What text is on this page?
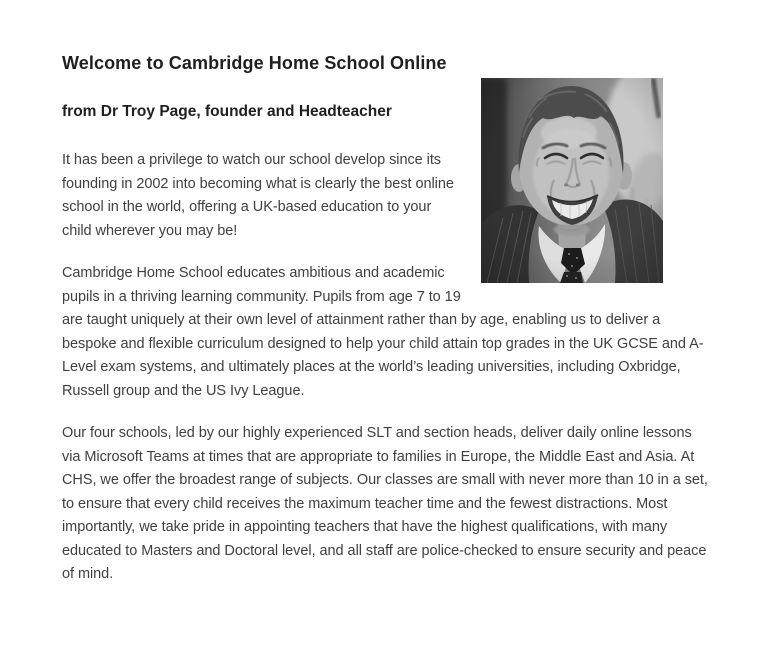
Welcome to Cambridge Home School Online
from Dr Troy Page, founder and Headteacher

It has been a privilege to watch our school develop since its founding in 2002 into becoming what is clearly the best online school in the world, offering a UK-based education to your child wherever you may be!

Cambridge Home School educates ambitious and academic pupils in a thriving learning community. Pupils from age 7 to 19 are taught uniquely at their own level of attainment rather than by age, enabling us to deliver a bespoke and flexible curriculum designed to help your child attain top grades in the UK GCSE and A-Level exam systems, and ultimately places at the world’s leading universities, including Oxbridge, Russell group and the US Ivy League.

Our four schools, led by our highly experienced SLT and section heads, deliver daily online lessons via Microsoft Teams at times that are appropriate to families in Europe, the Middle East and Asia. At CHS, we offer the broadest range of subjects. Our classes are small with never more than 10 in a set, to ensure that every child receives the maximum teacher time and the fewest distractions. Most importantly, we take pride in appointing teachers that have the highest qualifications, with many educated to Masters and Doctoral level, and all staff are police-checked to ensure security and peace of mind.
